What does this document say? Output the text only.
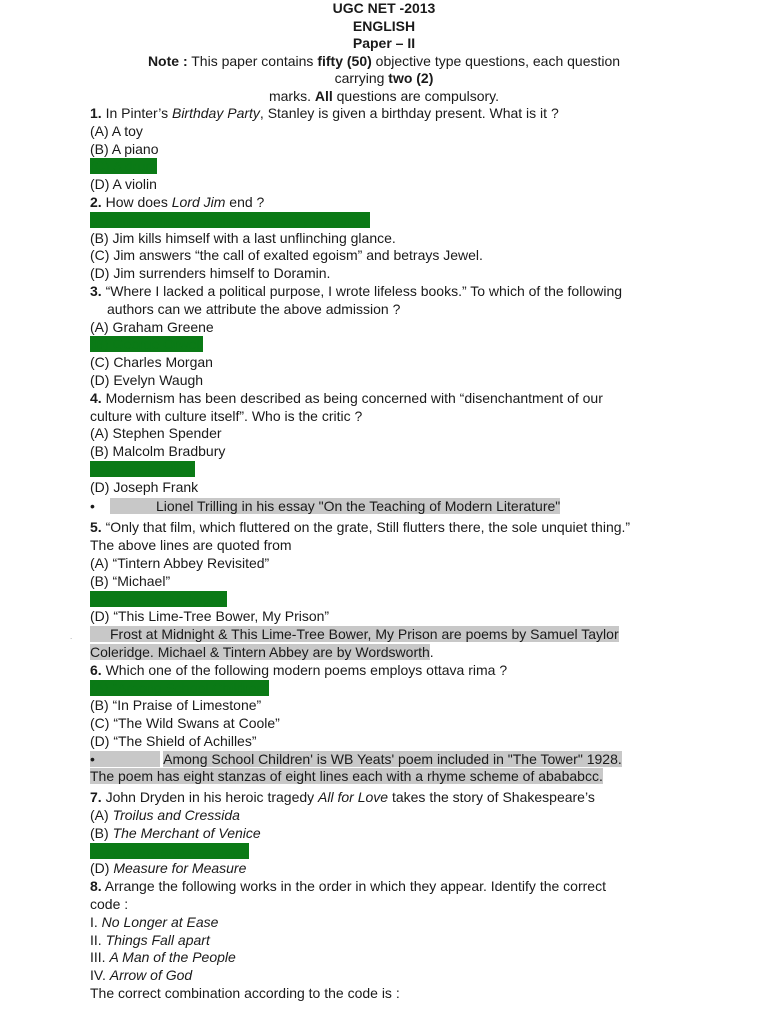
UGC NET -2013
ENGLISH
Paper – II
Note : This paper contains fifty (50) objective type questions, each question
carrying two (2)
marks. All questions are compulsory.
1. In Pinter’s Birthday Party, Stanley is given a birthday present. What is it ?
(A) A toy
(B) A piano
(C) A drum
(D) A violin
2. How does Lord Jim end ?
(A) Jim is shot through the chest by Doramin.
(B) Jim kills himself with a last unflinching glance.
(C) Jim answers “the call of exalted egoism” and betrays Jewel.
(D) Jim surrenders himself to Doramin.
3. “Where I lacked a political purpose, I wrote lifeless books.” To which of the following
authors can we attribute the above admission ?
(A) Graham Greene
(B) George Orwell
(C) Charles Morgan
(D) Evelyn Waugh
4. Modernism has been described as being concerned with “disenchantment of our
culture with culture itself”. Who is the critic ?
(A) Stephen Spender
(B) Malcolm Bradbury
(C) Lionel Trilling
(D) Joseph Frank
•	Lionel Trilling in his essay "On the Teaching of Modern Literature"
5. “Only that film, which fluttered on the grate, Still flutters there, the sole unquiet thing.”
The above lines are quoted from
(A) “Tintern Abbey Revisited”
(B) “Michael”
(C) “Frost at Midnight”
(D) “This Lime-Tree Bower, My Prison”
Frost at Midnight & This Lime-Tree Bower, My Prison are poems by Samuel Taylor
Coleridge. Michael & Tintern Abbey are by Wordsworth.
.
6. Which one of the following modern poems employs ottava rima ?
(A) “Among School Children”
(B) “In Praise of Limestone”
(C) “The Wild Swans at Coole”
(D) “The Shield of Achilles”
•	Among School Children' is WB Yeats' poem included in "The Tower" 1928.
The poem has eight stanzas of eight lines each with a rhyme scheme of abababcc.
7. John Dryden in his heroic tragedy All for Love takes the story of Shakespeare’s
(A) Troilus and Cressida
(B) The Merchant of Venice
(C) Antony and Cleopatra
(D) Measure for Measure
8. Arrange the following works in the order in which they appear. Identify the correct
code :
I. No Longer at Ease
II. Things Fall apart
III. A Man of the People
IV. Arrow of God
The correct combination according to the code is :
